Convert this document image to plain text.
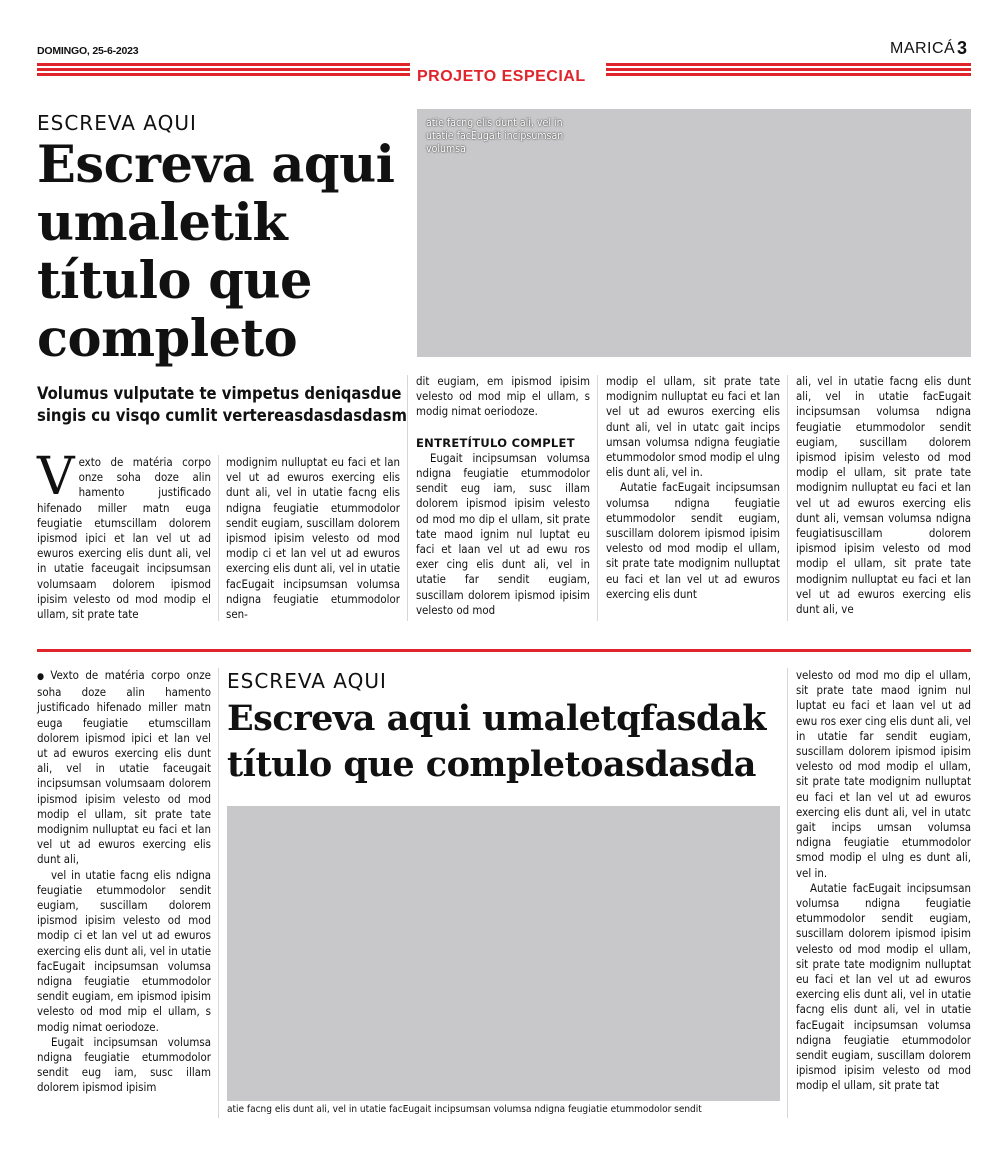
DOMINGO, 25-6-2023	MARICÁ 3
PROJETO ESPECIAL
ESCREVA AQUI
Escreva aqui
umaletik
título que
completo
Volumus vulputate te vimpetus deniqasdue singis cu visqo cumlit vertereasdasdasdasm
atie facng elis dunt ali, vel in utatie facEugait incipsumsan volumsa

Vexto de matéria corpo onze soha doze alin hamento justificado hifenado miller matn euga feugiatie etumscillam dolorem ipismod ipici et lan vel ut ad ewuros exercing elis dunt ali, vel in utatie faceugait incipsumsan volumsaam dolorem ipismod ipisim velesto od mod modip el ullam, sit prate tate

modignim nulluptat eu faci et lan vel ut ad ewuros exercing elis dunt ali, vel in utatie facng elis ndigna feugiatie etummodolor sendit eugiam, suscillam dolorem ipismod ipisim velesto od mod modip ci et lan vel ut ad ewuros exercing elis dunt ali, vel in utatie facEugait incipsumsan volumsa ndigna feugiatie etummodolor sen-

dit eugiam, em ipismod ipisim velesto od mod mip el ullam, s modig nimat oeriodoze.

ENTRETÍTULO COMPLET

Eugait incipsumsan volumsa ndigna feugiatie etummodolor sendit eug iam, susc illam dolorem ipismod ipisim velesto od mod mo dip el ullam, sit prate tate maod ignim nul luptat eu faci et laan vel ut ad ewu ros exer cing elis dunt ali, vel in utatie far sendit eugiam, suscillam dolorem ipismod ipisim velesto od mod

modip el ullam, sit prate tate modignim nulluptat eu faci et lan vel ut ad ewuros exercing elis dunt ali, vel in utatc gait incips umsan volumsa ndigna feugiatie etummodolor smod modip el ulng elis dunt ali, vel in.

Autatie facEugait incipsumsan volumsa ndigna feugiatie etummodolor sendit eugiam, suscillam dolorem ipismod ipisim velesto od mod modip el ullam, sit prate tate modignim nulluptat eu faci et lan vel ut ad ewuros exercing elis dunt

ali, vel in utatie facng elis dunt ali, vel in utatie facEugait incipsumsan volumsa ndigna feugiatie etummodolor sendit eugiam, suscillam dolorem ipismod ipisim velesto od mod modip el ullam, sit prate tate modignim nulluptat eu faci et lan vel ut ad ewuros exercing elis dunt ali, vemsan volumsa ndigna feugiatisuscillam dolorem ipismod ipisim velesto od mod modip el ullam, sit prate tate modignim nulluptat eu faci et lan vel ut ad ewuros exercing elis dunt ali, ve

● Vexto de matéria corpo onze soha doze alin hamento justificado hifenado miller matn euga feugiatie etumscillam dolorem ipismod ipici et lan vel ut ad ewuros exercing elis dunt ali, vel in utatie faceugait incipsumsan volumsaam dolorem ipismod ipisim velesto od mod modip el ullam, sit prate tate modignim nulluptat eu faci et lan vel ut ad ewuros exercing elis dunt ali,

vel in utatie facng elis ndigna feugiatie etummodolor sendit eugiam, suscillam dolorem ipismod ipisim velesto od mod modip ci et lan vel ut ad ewuros exercing elis dunt ali, vel in utatie facEugait incipsumsan volumsa ndigna feugiatie etummodolor sendit eugiam, em ipismod ipisim velesto od mod mip el ullam, s modig nimat oeriodoze.

Eugait incipsumsan volumsa ndigna feugiatie etummodolor sendit eug iam, susc illam dolorem ipismod ipisim

ESCREVA AQUI
Escreva aqui umaletqfasdak
título que completoasdasda
atie facng elis dunt ali, vel in utatie facEugait incipsumsan volumsa ndigna feugiatie etummodolor sendit

velesto od mod mo dip el ullam, sit prate tate maod ignim nul luptat eu faci et laan vel ut ad ewu ros exer cing elis dunt ali, vel in utatie far sendit eugiam, suscillam dolorem ipismod ipisim velesto od mod modip el ullam, sit prate tate modignim nulluptat eu faci et lan vel ut ad ewuros exercing elis dunt ali, vel in utatc gait incips umsan volumsa ndigna feugiatie etummodolor smod modip el ulng es dunt ali, vel in.

Autatie facEugait incipsumsan volumsa ndigna feugiatie etummodolor sendit eugiam, suscillam dolorem ipismod ipisim velesto od mod modip el ullam, sit prate tate modignim nulluptat eu faci et lan vel ut ad ewuros exercing elis dunt ali, vel in utatie facng elis dunt ali, vel in utatie facEugait incipsumsan volumsa ndigna feugiatie etummodolor sendit eugiam, suscillam dolorem ipismod ipisim velesto od mod modip el ullam, sit prate tat
